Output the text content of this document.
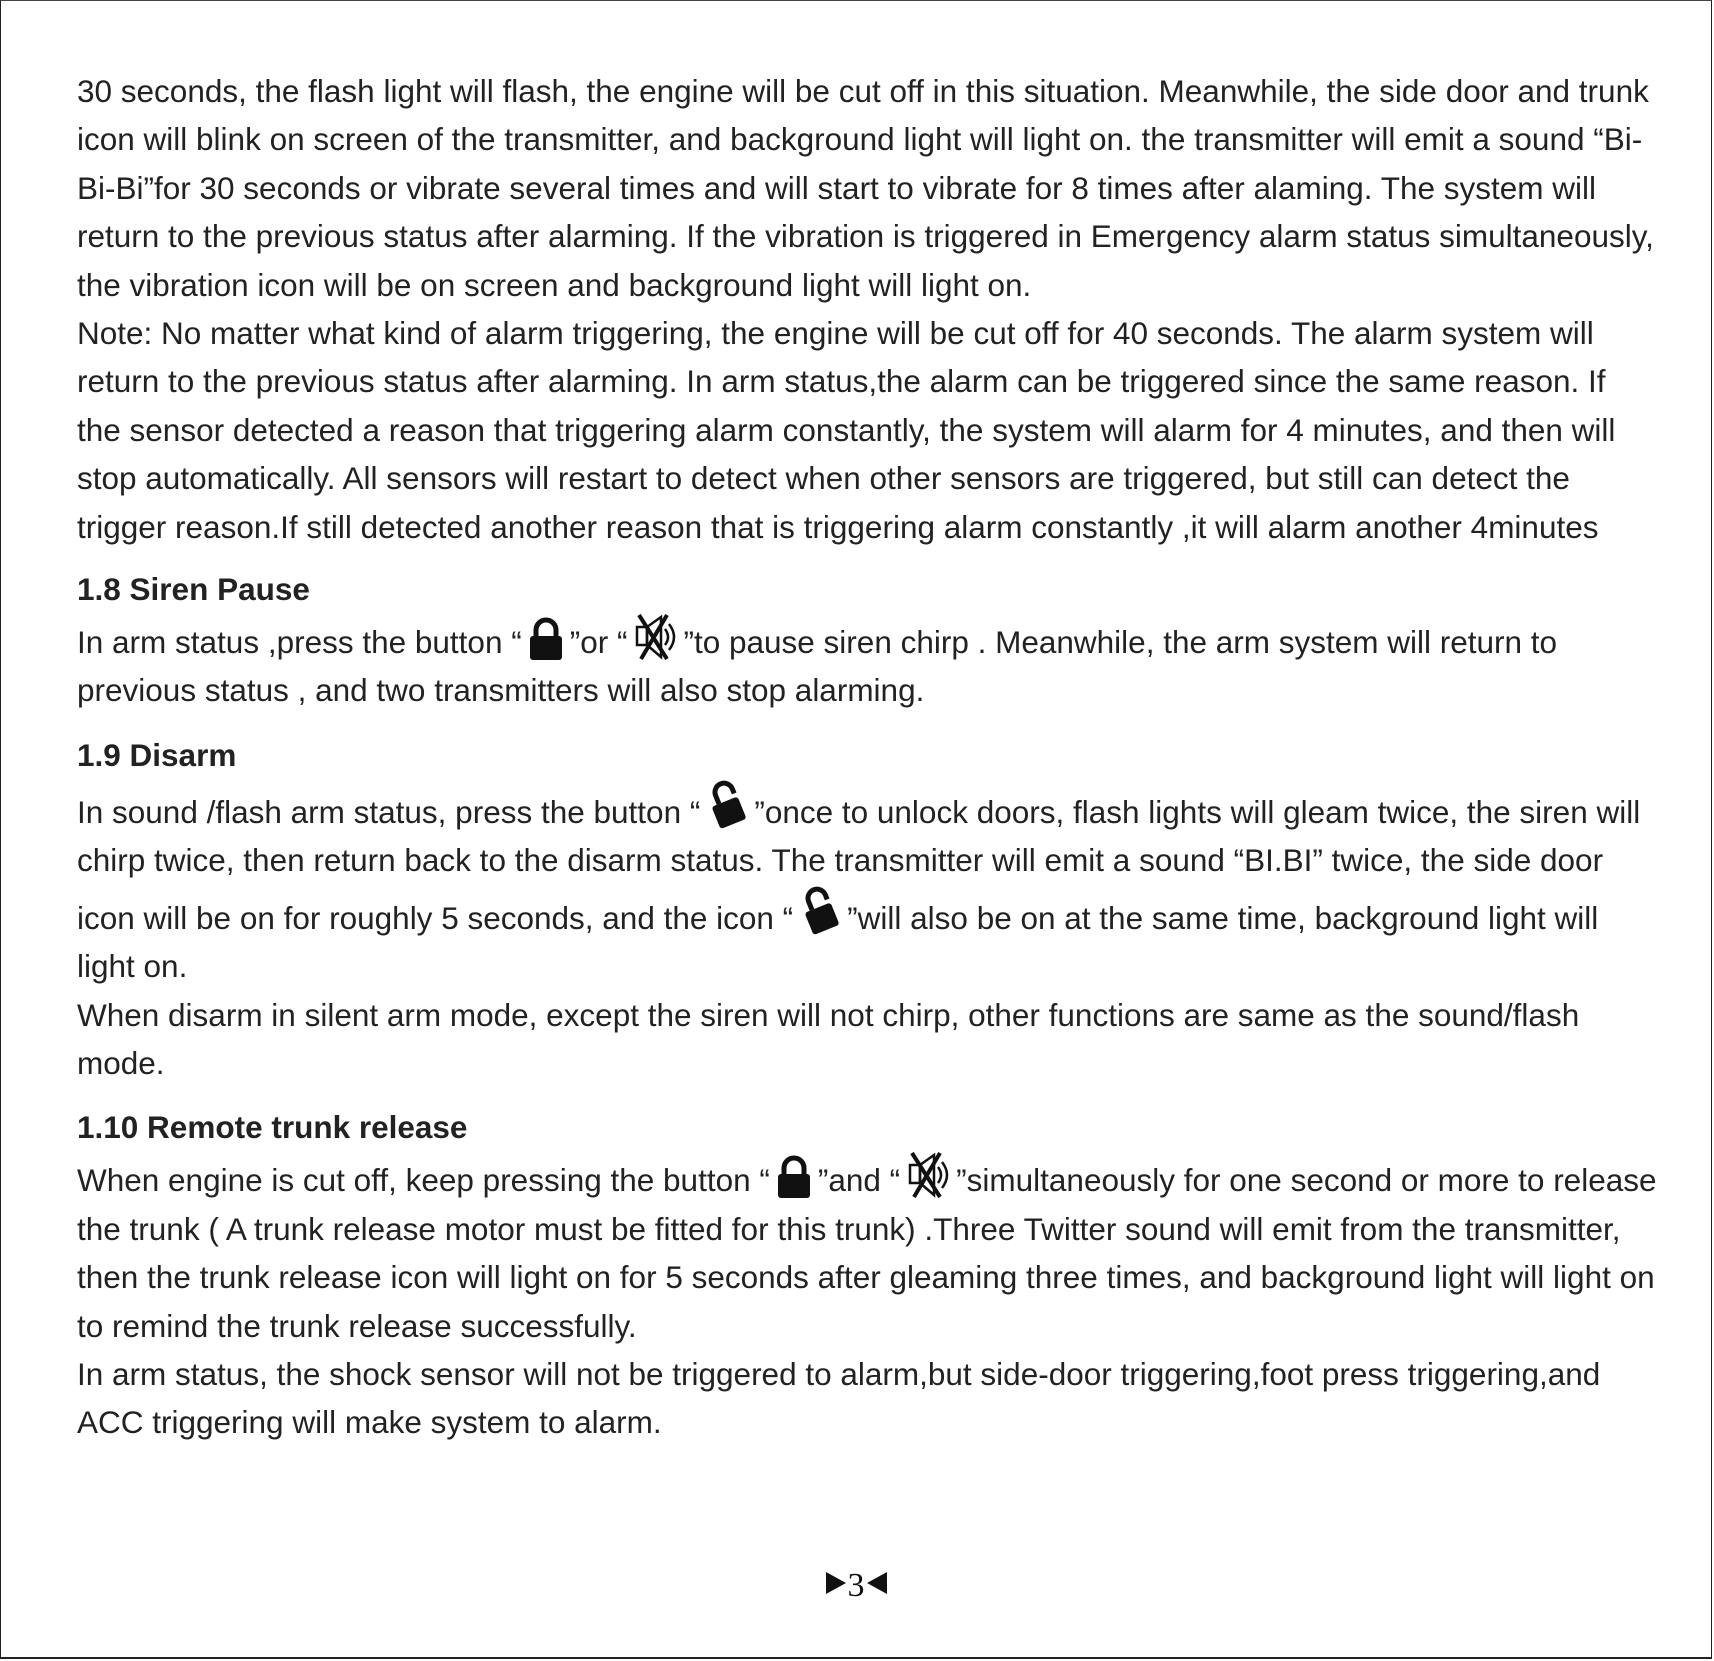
30 seconds, the flash light will flash, the engine will be cut off in this situation. Meanwhile, the side door and trunk icon will blink on screen of the transmitter, and background light will light on. the transmitter will emit a sound “Bi-Bi-Bi”for 30 seconds or vibrate several times and will start to vibrate for 8 times after alaming. The system will return to the previous status after alarming. If the vibration is triggered in Emergency alarm status simultaneously, the vibration icon will be on screen and background light will light on.

Note: No matter what kind of alarm triggering, the engine will be cut off for 40 seconds. The alarm system will return to the previous status after alarming. In arm status,the alarm can be triggered since the same reason. If the sensor detected a reason that triggering alarm constantly, the system will alarm for 4 minutes, and then will stop automatically. All sensors will restart to detect when other sensors are triggered, but still can detect the trigger reason.If still detected another reason that is triggering alarm constantly ,it will alarm another 4minutes

1.8 Siren Pause

In arm status ,press the button “ ”or “ ”to pause siren chirp . Meanwhile, the arm system will return to previous status , and two transmitters will also stop alarming.

1.9 Disarm

In sound /flash arm status, press the button “ ”once to unlock doors, flash lights will gleam twice, the siren will chirp twice, then return back to the disarm status. The transmitter will emit a sound “BI.BI” twice, the side door icon will be on for roughly 5 seconds, and the icon “ ”will also be on at the same time, background light will light on.

When disarm in silent arm mode, except the siren will not chirp, other functions are same as the sound/flash mode.

1.10 Remote trunk release

When engine is cut off, keep pressing the button “ ”and “ ”simultaneously for one second or more to release the trunk ( A trunk release motor must be fitted for this trunk) .Three Twitter sound will emit from the transmitter, then the trunk release icon will light on for 5 seconds after gleaming three times, and background light will light on to remind the trunk release successfully.

In arm status, the shock sensor will not be triggered to alarm,but side-door triggering,foot press triggering,and ACC triggering will make system to alarm.

3
